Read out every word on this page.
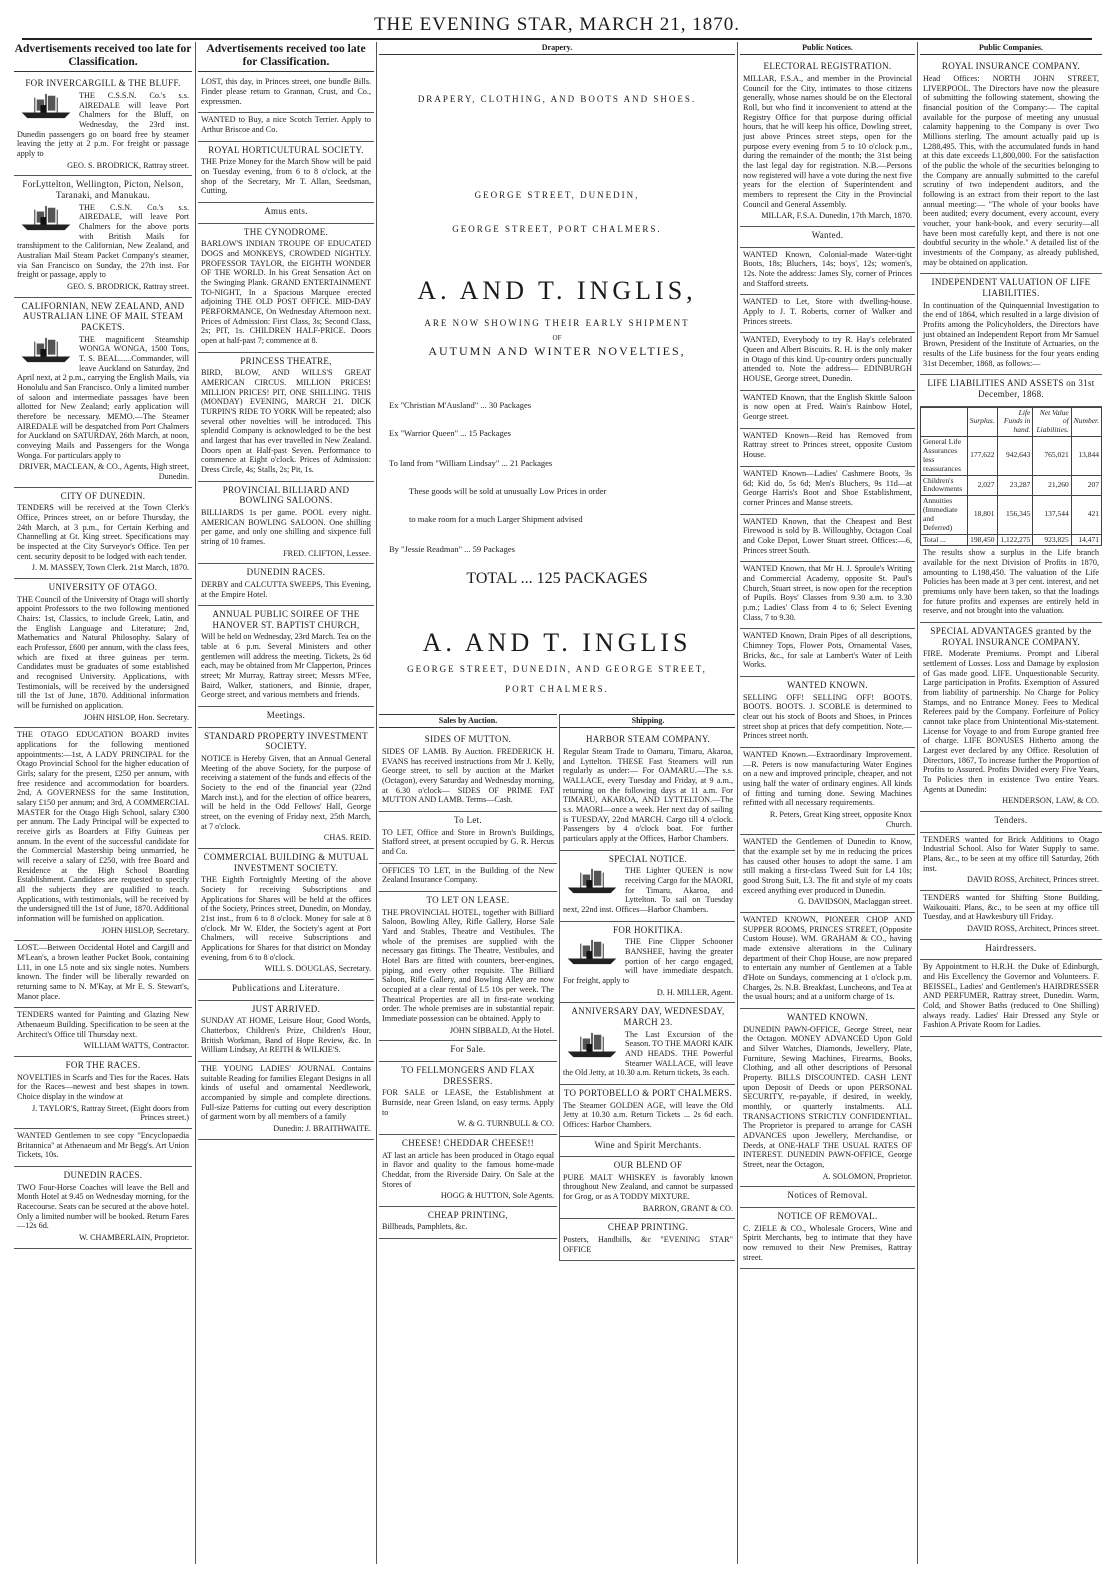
THE EVENING STAR, MARCH 21, 1870.
Advertisements received too late for Classification.
FOR INVERCARGILL & THE BLUFF.

THE C.S.S.N. Co.'s s.s. AIREDALE will leave Port Chalmers for the Bluff, on Wednesday, the 23rd inst. Dunedin passengers go on board free by steamer leaving the jetty at 2 p.m. For freight or passage apply to

GEO. S. BRODRICK, Rattray street.
ForLyttelton, Wellington, Picton, Nelson, Taranaki, and Manukau.

THE C.S.N. Co.'s s.s. AIREDALE, will leave Port Chalmers for the above ports with British Mails for transhipment to the Californian, New Zealand, and Australian Mail Steam Packet Company's steamer, via San Francisco on Sunday, the 27th inst. For freight or passage, apply to

GEO. S. BRODRICK, Rattray street.
CALIFORNIAN, NEW ZEALAND, AND AUSTRALIAN LINE OF MAIL STEAM PACKETS.

THE magnificent Steamship WONGA WONGA, 1500 Tons, T. S. BEAL......Commander, will leave Auckland on Saturday, 2nd April next, at 2 p.m., carrying the English Mails, via Honolulu and San Francisco. Only a limited number of saloon and intermediate passages have been allotted for New Zealand; early application will therefore be necessary. MEMO.—The Steamer AIREDALE will be despatched from Port Chalmers for Auckland on SATURDAY, 26th March, at noon, conveying Mails and Passengers for the Wonga Wonga. For particulars apply to

DRIVER, MACLEAN, & CO., Agents, High street, Dunedin.
CITY OF DUNEDIN.

TENDERS will be received at the Town Clerk's Office, Princes street, on or before Thursday, the 24th March, at 3 p.m., for Certain Kerbing and Channelling at Gt. King street. Specifications may be inspected at the City Surveyor's Office. Ten per cent. security deposit to be lodged with each tender.

J. M. MASSEY, Town Clerk. 21st March, 1870.
UNIVERSITY OF OTAGO.

THE Council of the University of Otago will shortly appoint Professors to the two following mentioned Chairs: 1st, Classics, to include Greek, Latin, and the English Language and Literature; 2nd, Mathematics and Natural Philosophy. Salary of each Professor, £600 per annum, with the class fees, which are fixed at three guineas per term. Candidates must be graduates of some established and recognised University. Applications, with Testimonials, will be received by the undersigned till the 1st of June, 1870. Additional information will be furnished on application.

JOHN HISLOP, Hon. Secretary.

THE OTAGO EDUCATION BOARD invites applications for the following mentioned appointments:—1st, A LADY PRINCIPAL for the Otago Provincial School for the higher education of Girls; salary for the present, £250 per annum, with free residence and accommodation for boarders. 2nd, A GOVERNESS for the same Institution, salary £150 per annum; and 3rd, A COMMERCIAL MASTER for the Otago High School, salary £300 per annum. The Lady Principal will be expected to receive girls as Boarders at Fifty Guineas per annum. In the event of the successful candidate for the Commercial Mastership being unmarried, he will receive a salary of £250, with free Board and Residence at the High School Boarding Establishment. Candidates are requested to specify all the subjects they are qualified to teach. Applications, with testimonials, will be received by the undersigned till the 1st of June, 1870. Additional information will be furnished on application.

JOHN HISLOP, Secretary.

LOST.—Between Occidental Hotel and Cargill and M'Lean's, a brown leather Pocket Book, containing L11, in one L5 note and six single notes. Numbers known. The finder will be liberally rewarded on returning same to N. M'Kay, at Mr E. S. Stewart's, Manor place.

TENDERS wanted for Painting and Glazing New Athenaeum Building. Specification to be seen at the Architect's Office till Thursday next.

WILLIAM WATTS, Contractor.
FOR THE RACES.

NOVELTIES in Scarfs and Ties for the Races. Hats for the Races—newest and best shapes in town. Choice display in the window at

J. TAYLOR'S, Rattray Street, (Eight doors from Princes street.)

WANTED Gentlemen to see copy "Encyclopaedia Britannica" at Athenaeum and Mr Begg's. Art Union Tickets, 10s.

DUNEDIN RACES.

TWO Four-Horse Coaches will leave the Bell and Month Hotel at 9.45 on Wednesday morning, for the Racecourse. Seats can be secured at the above hotel. Only a limited number will be booked. Return Fares—12s 6d.

W. CHAMBERLAIN, Proprietor.
Advertisements received too late for Classification.

LOST, this day, in Princes street, one bundle Bills. Finder please return to Grannan, Crust, and Co., expressmen.

WANTED to Buy, a nice Scotch Terrier. Apply to Arthur Briscoe and Co.

ROYAL HORTICULTURAL SOCIETY.

THE Prize Money for the March Show will be paid on Tuesday evening, from 6 to 8 o'clock, at the shop of the Secretary, Mr T. Allan, Seedsman, Cutting.

Amus ents.
THE CYNODROME.

BARLOW'S INDIAN TROUPE OF EDUCATED DOGS and MONKEYS, CROWDED NIGHTLY. PROFESSOR TAYLOR, the EIGHTH WONDER OF THE WORLD. In his Great Sensation Act on the Swinging Plank. GRAND ENTERTAINMENT TO-NIGHT, In a Spacious Marquee erected adjoining THE OLD POST OFFICE. MID-DAY PERFORMANCE, On Wednesday Afternoon next. Prices of Admission: First Class, 3s; Second Class, 2s; PIT, 1s. CHILDREN HALF-PRICE. Doors open at half-past 7; commence at 8.

PRINCESS THEATRE,

BIRD, BLOW, AND WILLS'S GREAT AMERICAN CIRCUS. MILLION PRICES! MILLION PRICES! PIT, ONE SHILLING. THIS (MONDAY) EVENING, MARCH 21. DICK TURPIN'S RIDE TO YORK Will be repeated; also several other novelties will be introduced. This splendid Company is acknowledged to be the best and largest that has ever travelled in New Zealand. Doors open at Half-past Seven. Performance to commence at Eight o'clock. Prices of Admission: Dress Circle, 4s; Stalls, 2s; Pit, 1s.

PROVINCIAL BILLIARD AND BOWLING SALOONS.

BILLIARDS 1s per game. POOL every night. AMERICAN BOWLING SALOON. One shilling per game, and only one shilling and sixpence full string of 10 frames.

FRED. CLIFTON, Lessee.
DUNEDIN RACES.

DERBY and CALCUTTA SWEEPS, This Evening, at the Empire Hotel.

ANNUAL PUBLIC SOIREE OF THE HANOVER ST. BAPTIST CHURCH,

Will be held on Wednesday, 23rd March. Tea on the table at 6 p.m. Several Ministers and other gentlemen will address the meeting. Tickets, 2s 6d each, may be obtained from Mr Clapperton, Princes street; Mr Murray, Rattray street; Messrs M'Fee, Baird, Walker, stationers, and Binnie, draper, George street, and various members and friends.

Meetings.
STANDARD PROPERTY INVESTMENT SOCIETY.

NOTICE is Hereby Given, that an Annual General Meeting of the above Society, for the purpose of receiving a statement of the funds and effects of the Society to the end of the financial year (22nd March inst.), and for the election of office bearers, will be held in the Odd Fellows' Hall, George street, on the evening of Friday next, 25th March, at 7 o'clock.

CHAS. REID.
COMMERCIAL BUILDING & MUTUAL INVESTMENT SOCIETY.

THE Eighth Fortnightly Meeting of the above Society for receiving Subscriptions and Applications for Shares will be held at the offices of the Society, Princes street, Dunedin, on Monday, 21st inst., from 6 to 8 o'clock. Money for sale at 8 o'clock. Mr W. Elder, the Society's agent at Port Chalmers, will receive Subscriptions and Applications for Shares for that district on Monday evening, from 6 to 8 o'clock.

WILL S. DOUGLAS, Secretary.
Publications and Literature.
JUST ARRIVED.

SUNDAY AT HOME, Leisure Hour, Good Words, Chatterbox, Children's Prize, Children's Hour, British Workman, Band of Hope Review, &c. In William Lindsay, At REITH & WILKIE'S.

THE YOUNG LADIES' JOURNAL Contains suitable Reading for families Elegant Designs in all kinds of useful and ornamental Needlework, accompanied by simple and complete directions. Full-size Patterns for cutting out every description of garment worn by all members of a family

Dunedin: J. BRAITHWAITE.
Drapery.
DRAPERY, CLOTHING, AND BOOTS AND SHOES.
GEORGE STREET, DUNEDIN,
GEORGE STREET, PORT CHALMERS.
A. AND T. INGLIS,
ARE NOW SHOWING THEIR EARLY SHIPMENT
OF
AUTUMN AND WINTER NOVELTIES,
Ex "Christian M'Ausland" ... 30 Packages
Ex "Warrior Queen" ... 15 Packages
To land from "William Lindsay" ... 21 Packages
These goods will be sold at unusually Low Prices in order
to make room for a much Larger Shipment advised
By "Jessie Readman" ... 59 Packages
TOTAL ... 125 PACKAGES
A. AND T. INGLIS
GEORGE STREET, DUNEDIN, AND GEORGE STREET,
PORT CHALMERS.
Sales by Auction.
SIDES OF MUTTON.

SIDES OF LAMB. By Auction. FREDERICK H. EVANS has received instructions from Mr J. Kelly, George street, to sell by auction at the Market (Octagon), every Saturday and Wednesday morning, at 6.30 o'clock— SIDES OF PRIME FAT MUTTON AND LAMB. Terms—Cash.

To Let.

TO LET, Office and Store in Brown's Buildings, Stafford street, at present occupied by G. R. Hercus and Co.

OFFICES TO LET, in the Building of the New Zealand Insurance Company.

TO LET ON LEASE.

THE PROVINCIAL HOTEL, together with Billiard Saloon, Bowling Alley, Rifle Gallery, Horse Sale Yard and Stables, Theatre and Vestibules. The whole of the premises are supplied with the necessary gas fittings. The Theatre, Vestibules, and Hotel Bars are fitted with counters, beer-engines, piping, and every other requisite. The Billiard Saloon, Rifle Gallery, and Bowling Alley are now occupied at a clear rental of L5 10s per week. The Theatrical Properties are all in first-rate working order. The whole premises are in substantial repair. Immediate possession can be obtained. Apply to

JOHN SIBBALD, At the Hotel.
For Sale.
TO FELLMONGERS AND FLAX DRESSERS.

FOR SALE or LEASE, the Establishment at Burnside, near Green Island, on easy terms. Apply to

W. & G. TURNBULL & CO.
CHEESE! CHEDDAR CHEESE!!

AT last an article has been produced in Otago equal in flavor and quality to the famous home-made Cheddar, from the Riverside Dairy. On Sale at the Stores of

HOGG & HUTTON, Sole Agents.
CHEAP PRINTING,

Billheads, Pamphlets, &c.

Shipping.
HARBOR STEAM COMPANY.

Regular Steam Trade to Oamaru, Timaru, Akaroa, and Lyttelton. THESE Fast Steamers will run regularly as under:— For OAMARU.—The s.s. WALLACE, every Tuesday and Friday, at 9 a.m., returning on the following days at 11 a.m. For TIMARU, AKAROA, AND LYTTELTON.—The s.s. MAORI—once a week. Her next day of sailing is TUESDAY, 22nd MARCH. Cargo till 4 o'clock. Passengers by 4 o'clock boat. For further particulars apply at the Offices, Harbor Chambers.

SPECIAL NOTICE.

THE Lighter QUEEN is now receiving Cargo for the MAORI, for Timaru, Akaroa, and Lyttelton. To sail on Tuesday next, 22nd inst. Offices—Harbor Chambers.

FOR HOKITIKA.

THE Fine Clipper Schooner BANSHEE, having the greater portion of her cargo engaged, will have immediate despatch. For freight, apply to

D. H. MILLER, Agent.
ANNIVERSARY DAY, WEDNESDAY, MARCH 23.

The Last Excursion of the Season. TO THE MAORI KAIK AND HEADS. THE Powerful Steamer WALLACE, will leave the Old Jetty, at 10.30 a.m. Return tickets, 3s each.

TO PORTOBELLO & PORT CHALMERS.

The Steamer GOLDEN AGE, will leave the Old Jetty at 10.30 a.m. Return Tickets ... 2s 6d each. Offices: Harbor Chambers.

Wine and Spirit Merchants.
OUR BLEND OF

PURE MALT WHISKEY is favorably known throughout New Zealand, and cannot be surpassed for Grog, or as A TODDY MIXTURE.

BARRON, GRANT & CO.
CHEAP PRINTING.

Posters, Handbills, &c "EVENING STAR" OFFICE

Public Notices.
ELECTORAL REGISTRATION.

MILLAR, F.S.A., and member in the Provincial Council for the City, intimates to those citizens generally, whose names should be on the Electoral Roll, but who find it inconvenient to attend at the Registry Office for that purpose during official hours, that he will keep his office, Dowling street, just above Princes street steps, open for the purpose every evening from 5 to 10 o'clock p.m., during the remainder of the month; the 31st being the last legal day for registration. N.B.—Persons now registered will have a vote during the next five years for the election of Superintendent and members to represent the City in the Provincial Council and General Assembly.

MILLAR, F.S.A. Dunedin, 17th March, 1870.
Wanted.

WANTED Known, Colonial-made Water-tight Boots, 18s; Bluchers, 14s; boys', 12s; women's, 12s. Note the address: James Sly, corner of Princes and Stafford streets.

WANTED to Let, Store with dwelling-house. Apply to J. T. Roberts, corner of Walker and Princes streets.

WANTED, Everybody to try R. Hay's celebrated Queen and Albert Biscuits. R. H. is the only maker in Otago of this kind. Up-country orders punctually attended to. Note the address— EDINBURGH HOUSE, George street, Dunedin.

WANTED Known, that the English Skittle Saloon is now open at Fred. Wain's Rainbow Hotel, George street.

WANTED Known—Reid has Removed from Rattray street to Princes street, opposite Custom House.

WANTED Known—Ladies' Cashmere Boots, 3s 6d; Kid do, 5s 6d; Men's Bluchers, 9s 11d—at George Harris's Boot and Shoe Establishment, corner Princes and Manse streets.

WANTED Known, that the Cheapest and Best Firewood is sold by B. Willoughby, Octagon Coal and Coke Depot, Lower Stuart street. Offices:—6, Princes street South.

WANTED Known, that Mr H. J. Sproule's Writing and Commercial Academy, opposite St. Paul's Church, Stuart street, is now open for the reception of Pupils. Boys' Classes from 9.30 a.m. to 3.30 p.m.; Ladies' Class from 4 to 6; Select Evening Class, 7 to 9.30.

WANTED Known, Drain Pipes of all descriptions, Chimney Tops, Flower Pots, Ornamental Vases, Bricks, &c., for sale at Lambert's Water of Leith Works.

WANTED KNOWN.

SELLING OFF! SELLING OFF! BOOTS. BOOTS. BOOTS. J. SCOBLE is determined to clear out his stock of Boots and Shoes, in Princes street shop at prices that defy competition. Note.—Princes street north.

WANTED Known.—Extraordinary Improvement.—R. Peters is now manufacturing Water Engines on a new and improved principle, cheaper, and not using half the water of ordinary engines. All kinds of fitting and turning done. Sewing Machines refitted with all necessary requirements.

R. Peters, Great King street, opposite Knox Church.

WANTED the Gentlemen of Dunedin to Know, that the example set by me in reducing the prices has caused other houses to adopt the same. I am still making a first-class Tweed Suit for L4 10s; good Strong Suit, L3. The fit and style of my coats exceed anything ever produced in Dunedin.

G. DAVIDSON, Maclaggan street.

WANTED KNOWN, PIONEER CHOP AND SUPPER ROOMS, PRINCES STREET, (Opposite Custom House). WM. GRAHAM & CO., having made extensive alterations in the Culinary department of their Chop House, are now prepared to entertain any number of Gentlemen at a Table d'Hote on Sundays, commencing at 1 o'clock p.m. Charges, 2s. N.B. Breakfast, Luncheons, and Tea at the usual hours; and at a uniform charge of 1s.

WANTED KNOWN.

DUNEDIN PAWN-OFFICE, George Street, near the Octagon. MONEY ADVANCED Upon Gold and Silver Watches, Diamonds, Jewellery, Plate, Furniture, Sewing Machines, Firearms, Books, Clothing, and all other descriptions of Personal Property. BILLS DISCOUNTED. CASH LENT upon Deposit of Deeds or upon PERSONAL SECURITY, re-payable, if desired, in weekly, monthly, or quarterly instalments. ALL TRANSACTIONS STRICTLY CONFIDENTIAL. The Proprietor is prepared to arrange for CASH ADVANCES upon Jewellery, Merchandise, or Deeds, at ONE-HALF THE USUAL RATES OF INTEREST. DUNEDIN PAWN-OFFICE, George Street, near the Octagon,

A. SOLOMON, Proprietor.
Notices of Removal.
NOTICE OF REMOVAL.

C. ZIELE & CO., Wholesale Grocers, Wine and Spirit Merchants, beg to intimate that they have now removed to their New Premises, Rattray street.

Public Companies.
ROYAL INSURANCE COMPANY.

Head Offices: NORTH JOHN STREET, LIVERPOOL. The Directors have now the pleasure of submitting the following statement, showing the financial position of the Company:— The capital available for the purpose of meeting any unusual calamity happening to the Company is over Two Millions sterling. The amount actually paid up is L288,495. This, with the accumulated funds in hand at this date exceeds L1,800,000. For the satisfaction of the public the whole of the securities belonging to the Company are annually submitted to the careful scrutiny of two independent auditors, and the following is an extract from their report to the last annual meeting:— "The whole of your books have been audited; every document, every account, every voucher, your bank-book, and every security—all have been most carefully kept, and there is not one doubtful security in the whole." A detailed list of the investments of the Company, as already published, may be obtained on application.

INDEPENDENT VALUATION OF LIFE LIABILITIES.

In continuation of the Quinquennial Investigation to the end of 1864, which resulted in a large division of Profits among the Policyholders, the Directors have just obtained an Independent Report from Mr Samuel Brown, President of the Institute of Actuaries, on the results of the Life business for the four years ending 31st December, 1868, as follows:—

LIFE LIABILITIES AND ASSETS on 31st December, 1868.
	Surplus.	Life Funds in hand.	Net Value of Liabilities.	Number.
General Life Assurances less reassurances	177,622	942,643	765,021	13,844
Children's Endowments	2,027	23,287	21,260	207
Annuities (Immediate and Deferred)	18,801	156,345	137,544	421
Total ...	198,450	1,122,275	923,825	14,471

The results show a surplus in the Life branch available for the next Division of Profits in 1870, amounting to L198,450. The valuation of the Life Policies has been made at 3 per cent. interest, and net premiums only have been taken, so that the loadings for future profits and expenses are entirely held in reserve, and not brought into the valuation.

SPECIAL ADVANTAGES granted by the ROYAL INSURANCE COMPANY.

FIRE. Moderate Premiums. Prompt and Liberal settlement of Losses. Loss and Damage by explosion of Gas made good. LIFE. Unquestionable Security. Large participation in Profits. Exemption of Assured from liability of partnership. No Charge for Policy Stamps, and no Entrance Money. Fees to Medical Referees paid by the Company. Forfeiture of Policy cannot take place from Unintentional Mis-statement. License for Voyage to and from Europe granted free of charge. LIFE BONUSES Hitherto among the Largest ever declared by any Office. Resolution of Directors, 1867, To increase further the Proportion of Profits to Assured. Profits Divided every Five Years, To Policies then in existence Two entire Years. Agents at Dunedin:

HENDERSON, LAW, & CO.
Tenders.

TENDERS wanted for Brick Additions to Otago Industrial School. Also for Water Supply to same. Plans, &c., to be seen at my office till Saturday, 26th inst.

DAVID ROSS, Architect, Princes street.

TENDERS wanted for Shifting Stone Building, Waikouaiti. Plans, &c., to be seen at my office till Tuesday, and at Hawkesbury till Friday.

DAVID ROSS, Architect, Princes street.
Hairdressers.

By Appointment to H.R.H. the Duke of Edinburgh, and His Excellency the Governor and Volunteers. F. BEISSEL, Ladies' and Gentlemen's HAIRDRESSER AND PERFUMER, Rattray street, Dunedin. Warm, Cold, and Shower Baths (reduced to One Shilling) always ready. Ladies' Hair Dressed any Style or Fashion A Private Room for Ladies.
